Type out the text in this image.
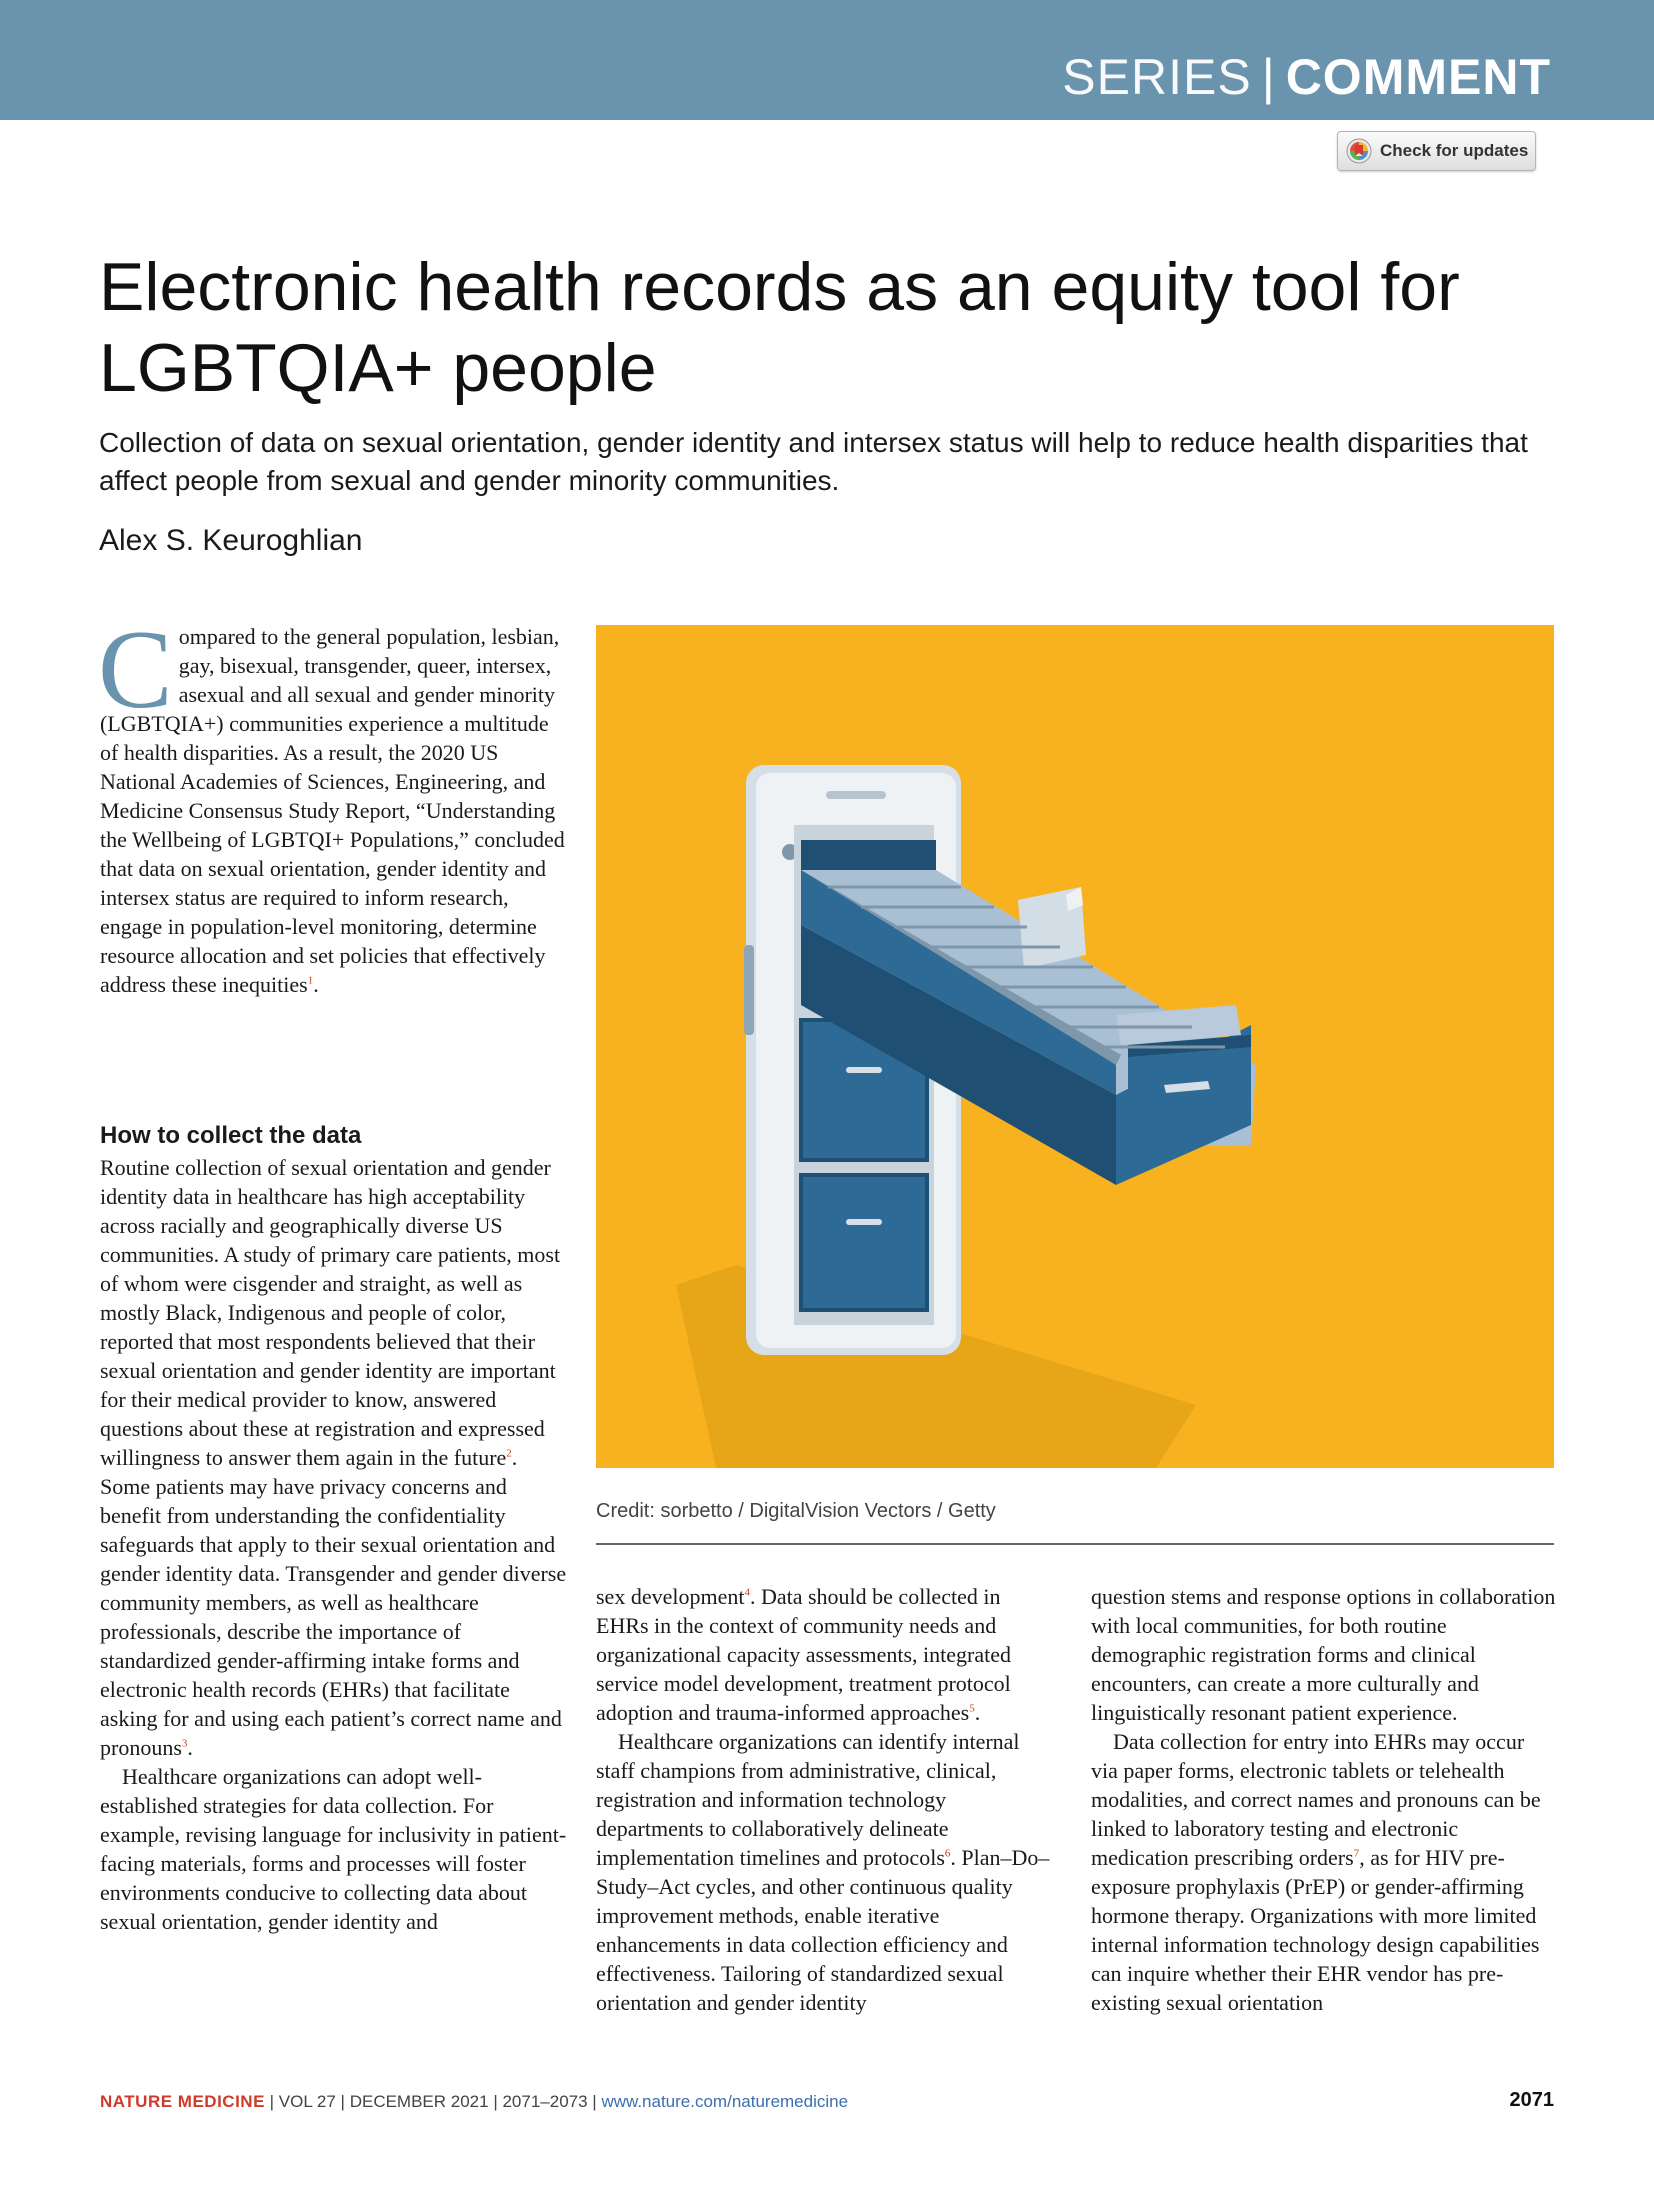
SERIES | COMMENT
Check for updates
Electronic health records as an equity tool for LGBTQIA+ people

Collection of data on sexual orientation, gender identity and intersex status will help to reduce health disparities that affect people from sexual and gender minority communities.

Alex S. Keuroghlian
Credit: sorbetto / DigitalVision Vectors / Getty

Compared to the general population, lesbian, gay, bisexual, transgender, queer, intersex, asexual and all sexual and gender minority (LGBTQIA+) communities experience a multitude of health disparities. As a result, the 2020 US National Academies of Sciences, Engineering, and Medicine Consensus Study Report, “Understanding the Wellbeing of LGBTQI+ Populations,” concluded that data on sexual orientation, gender identity and intersex status are required to inform research, engage in population-level monitoring, determine resource allocation and set policies that effectively address these inequities$^1$.

How to collect the data

Routine collection of sexual orientation and gender identity data in healthcare has high acceptability across racially and geographically diverse US communities. A study of primary care patients, most of whom were cisgender and straight, as well as mostly Black, Indigenous and people of color, reported that most respondents believed that their sexual orientation and gender identity are important for their medical provider to know, answered questions about these at registration and expressed willingness to answer them again in the future$^2$. Some patients may have privacy concerns and benefit from understanding the confidentiality safeguards that apply to their sexual orientation and gender identity data. Transgender and gender diverse community members, as well as healthcare professionals, describe the importance of standardized gender-affirming intake forms and electronic health records (EHRs) that facilitate asking for and using each patient’s correct name and pronouns$^3$.

Healthcare organizations can adopt well-established strategies for data collection. For example, revising language for inclusivity in patient-facing materials, forms and processes will foster environments conducive to collecting data about sexual orientation, gender identity and

sex development$^4$. Data should be collected in EHRs in the context of community needs and organizational capacity assessments, integrated service model development, treatment protocol adoption and trauma-informed approaches$^5$.

Healthcare organizations can identify internal staff champions from administrative, clinical, registration and information technology departments to collaboratively delineate implementation timelines and protocols$^6$. Plan–Do–Study–Act cycles, and other continuous quality improvement methods, enable iterative enhancements in data collection efficiency and effectiveness. Tailoring of standardized sexual orientation and gender identity

question stems and response options in collaboration with local communities, for both routine demographic registration forms and clinical encounters, can create a more culturally and linguistically resonant patient experience.

Data collection for entry into EHRs may occur via paper forms, electronic tablets or telehealth modalities, and correct names and pronouns can be linked to laboratory testing and electronic medication prescribing orders$^7$, as for HIV pre-exposure prophylaxis (PrEP) or gender-affirming hormone therapy. Organizations with more limited internal information technology design capabilities can inquire whether their EHR vendor has pre-existing sexual orientation

NATURE MEDICINE | VOL 27 | DECEMBER 2021 | 2071–2073 | www.nature.com/naturemedicine	2071
